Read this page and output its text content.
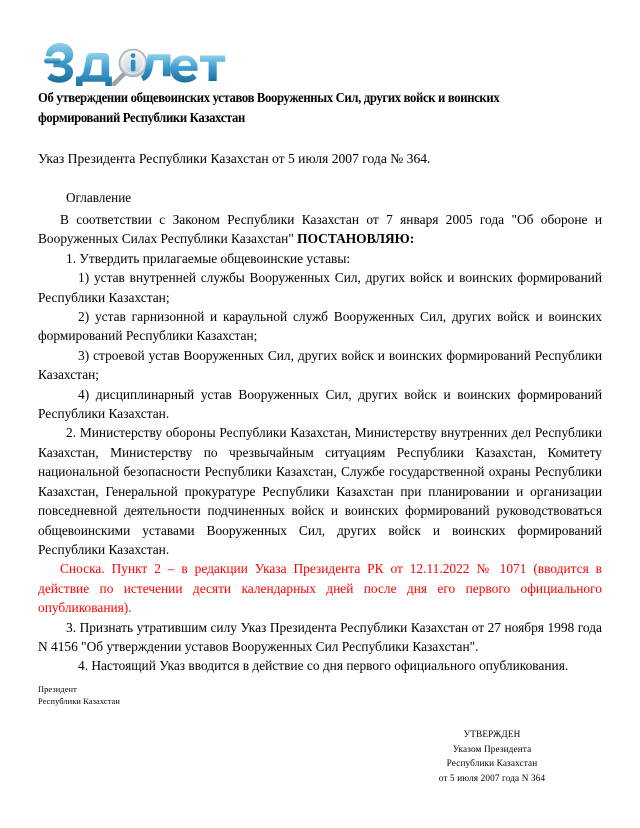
Об утверждении общевоинских уставов Вооруженных Сил, других войск и воинских формирований Республики Казахстан
Указ Президента Республики Казахстан от 5 июля 2007 года № 364.
Оглавление

В соответствии с Законом Республики Казахстан от 7 января 2005 года "Об обороне и Вооруженных Силах Республики Казахстан" ПОСТАНОВЛЯЮ:

1. Утвердить прилагаемые общевоинские уставы:

1) устав внутренней службы Вооруженных Сил, других войск и воинских формирований Республики Казахстан;

2) устав гарнизонной и караульной служб Вооруженных Сил, других войск и воинских формирований Республики Казахстан;

3) строевой устав Вооруженных Сил, других войск и воинских формирований Республики Казахстан;

4) дисциплинарный устав Вооруженных Сил, других войск и воинских формирований Республики Казахстан.

2. Министерству обороны Республики Казахстан, Министерству внутренних дел Республики Казахстан, Министерству по чрезвычайным ситуациям Республики Казахстан, Комитету национальной безопасности Республики Казахстан, Службе государственной охраны Республики Казахстан, Генеральной прокуратуре Республики Казахстан при планировании и организации повседневной деятельности подчиненных войск и воинских формирований руководствоваться общевоинскими уставами Вооруженных Сил, других войск и воинских формирований Республики Казахстан.

Сноска. Пункт 2 – в редакции Указа Президента РК от 12.11.2022 № 1071 (вводится в действие по истечении десяти календарных дней после дня его первого официального опубликования).

3. Признать утратившим силу Указ Президента Республики Казахстан от 27 ноября 1998 года N 4156 "Об утверждении уставов Вооруженных Сил Республики Казахстан".

4. Настоящий Указ вводится в действие со дня первого официального опубликования.

Президент
Республики Казахстан
УТВЕРЖДЕН
Указом Президента
Республики Казахстан
от 5 июля 2007 года N 364
